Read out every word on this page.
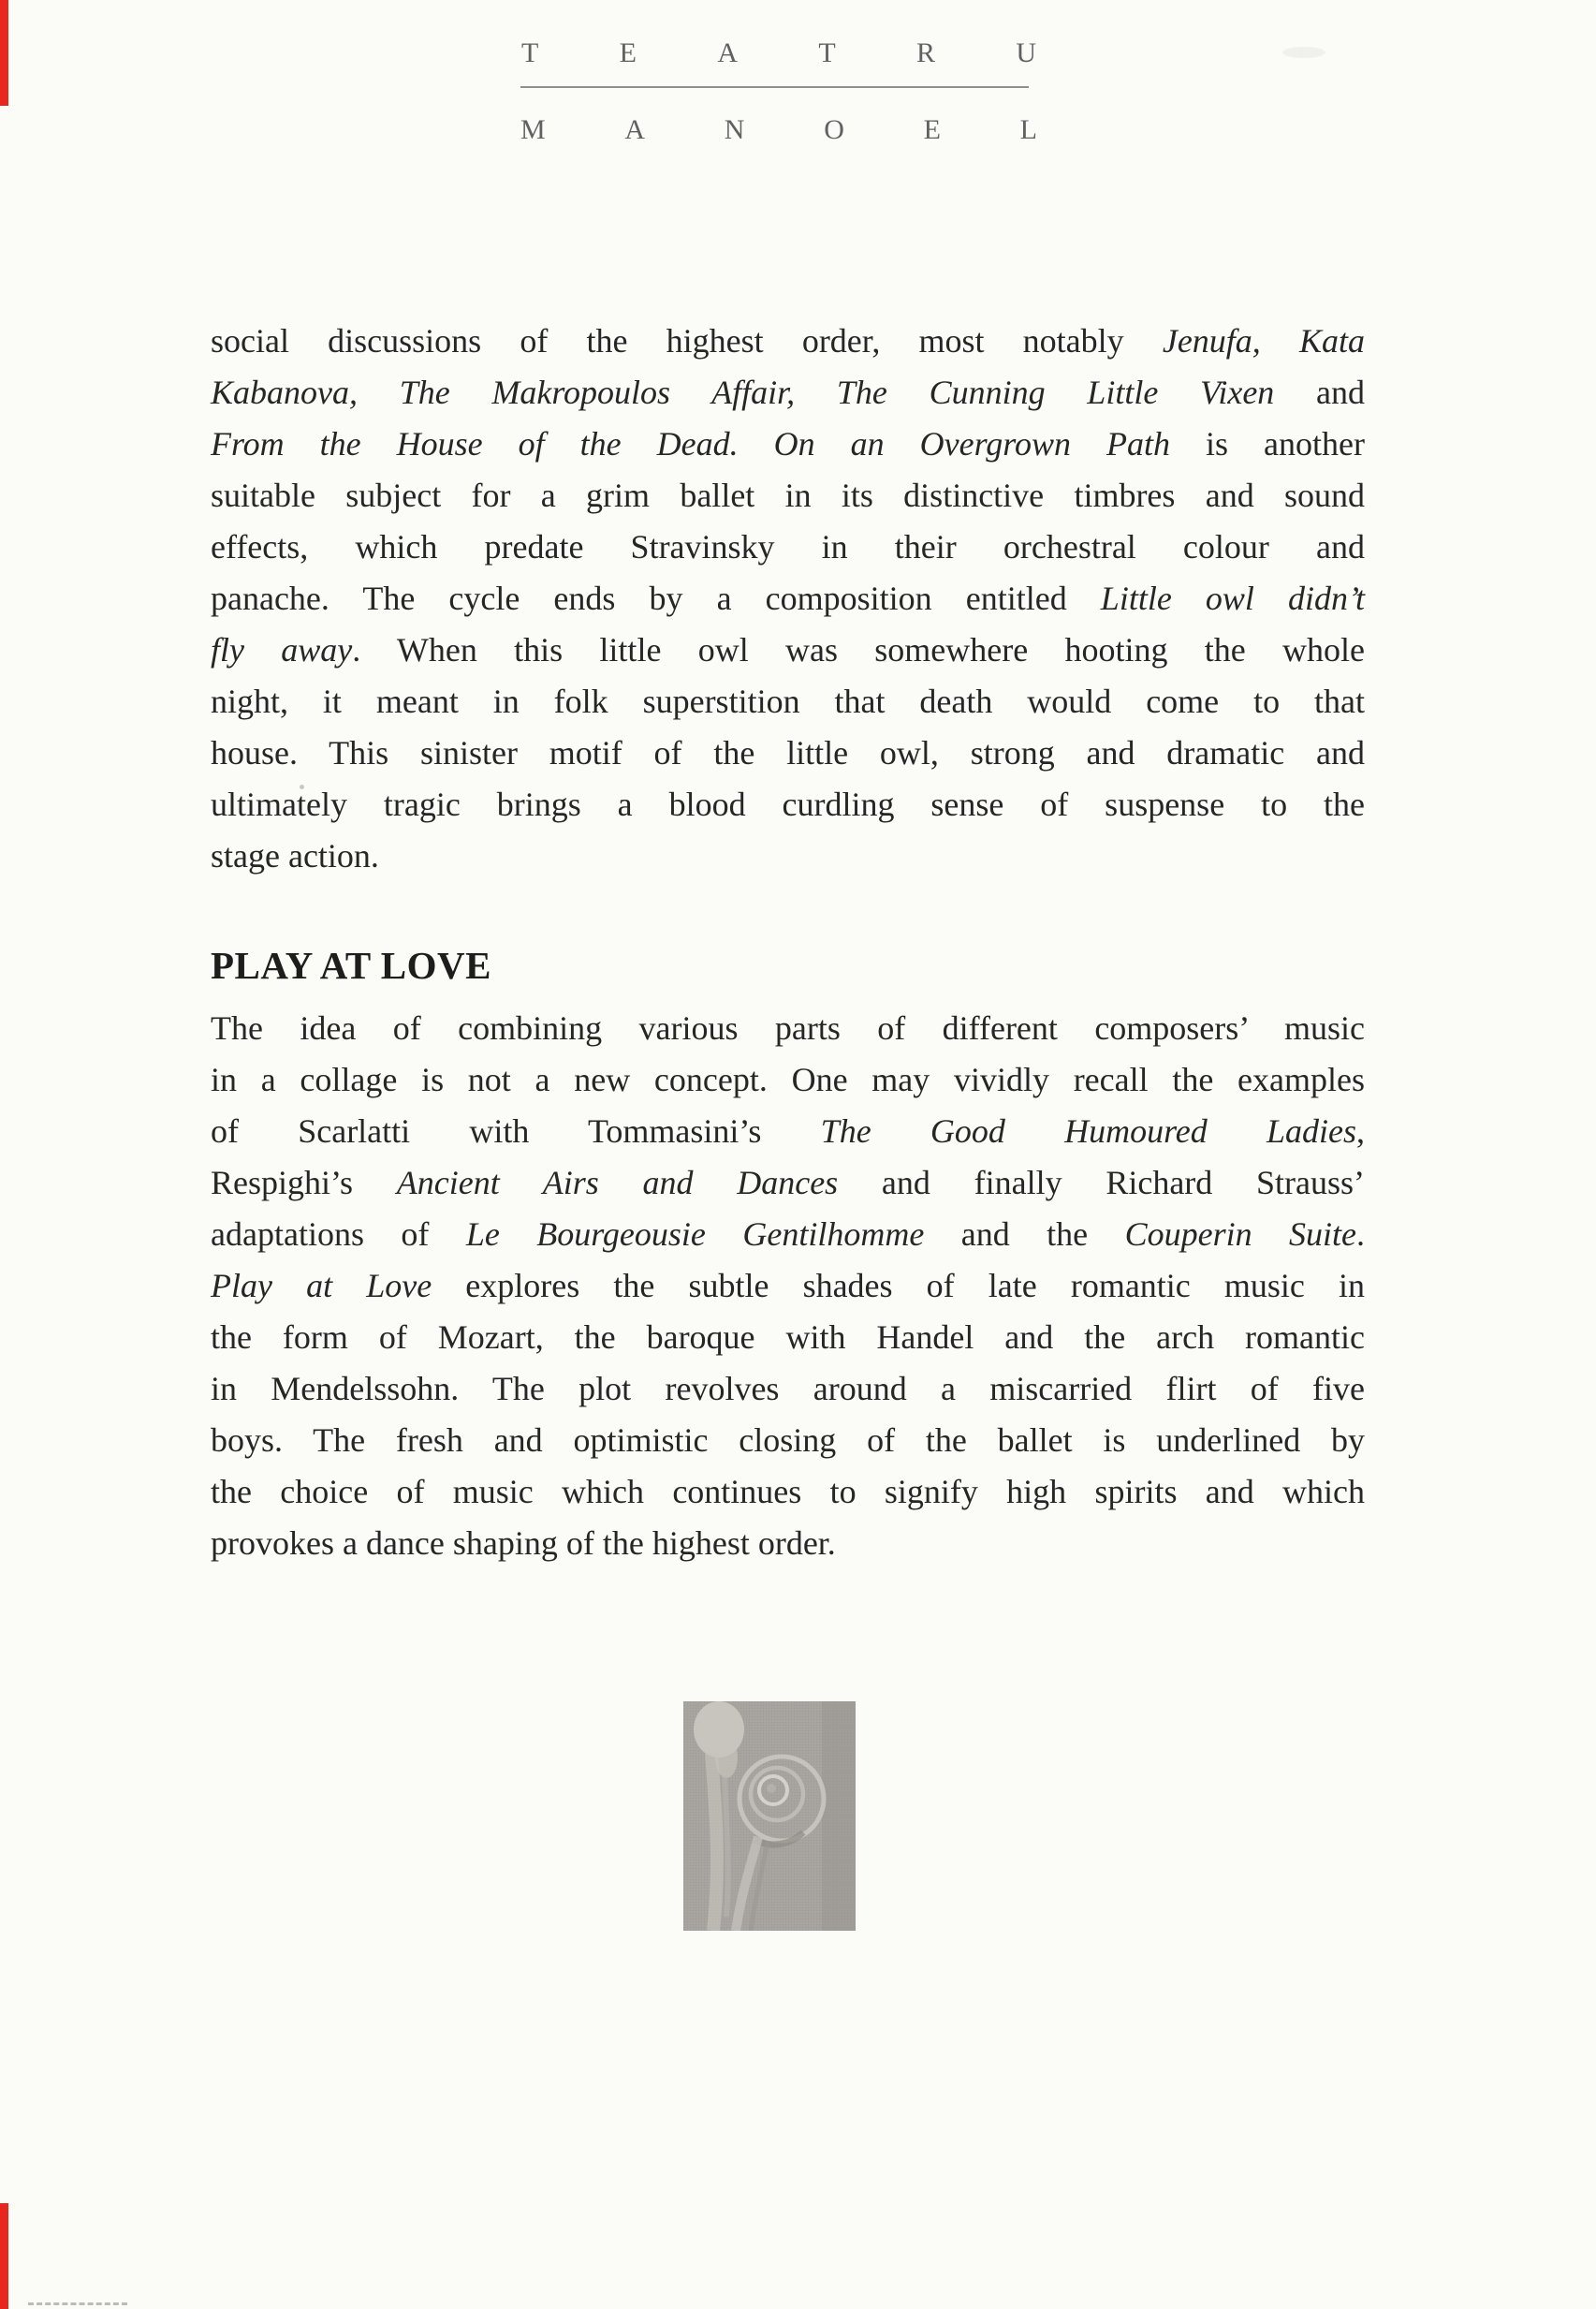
T	E	A	T	R	U
M	A	N	O	E	L
social discussions of the highest order, most notably Jenufa, Kata
Kabanova, The Makropoulos Affair, The Cunning Little Vixen and
From the House of the Dead. On an Overgrown Path is another
suitable subject for a grim ballet in its distinctive timbres and sound
effects, which predate Stravinsky in their orchestral colour and
panache. The cycle ends by a composition entitled Little owl didn’t
fly away. When this little owl was somewhere hooting the whole
night, it meant in folk superstition that death would come to that
house. This sinister motif of the little owl, strong and dramatic and
ultimately tragic brings a blood curdling sense of suspense to the
stage action.
PLAY AT LOVE
The idea of combining various parts of different composers’ music
in a collage is not a new concept. One may vividly recall the examples
of Scarlatti with Tommasini’s The Good Humoured Ladies,
Respighi’s Ancient Airs and Dances and finally Richard Strauss’
adaptations of Le Bourgeousie Gentilhomme and the Couperin Suite.
Play at Love explores the subtle shades of late romantic music in
the form of Mozart, the baroque with Handel and the arch romantic
in Mendelssohn. The plot revolves around a miscarried flirt of five
boys. The fresh and optimistic closing of the ballet is underlined by
the choice of music which continues to signify high spirits and which
provokes a dance shaping of the highest order.
